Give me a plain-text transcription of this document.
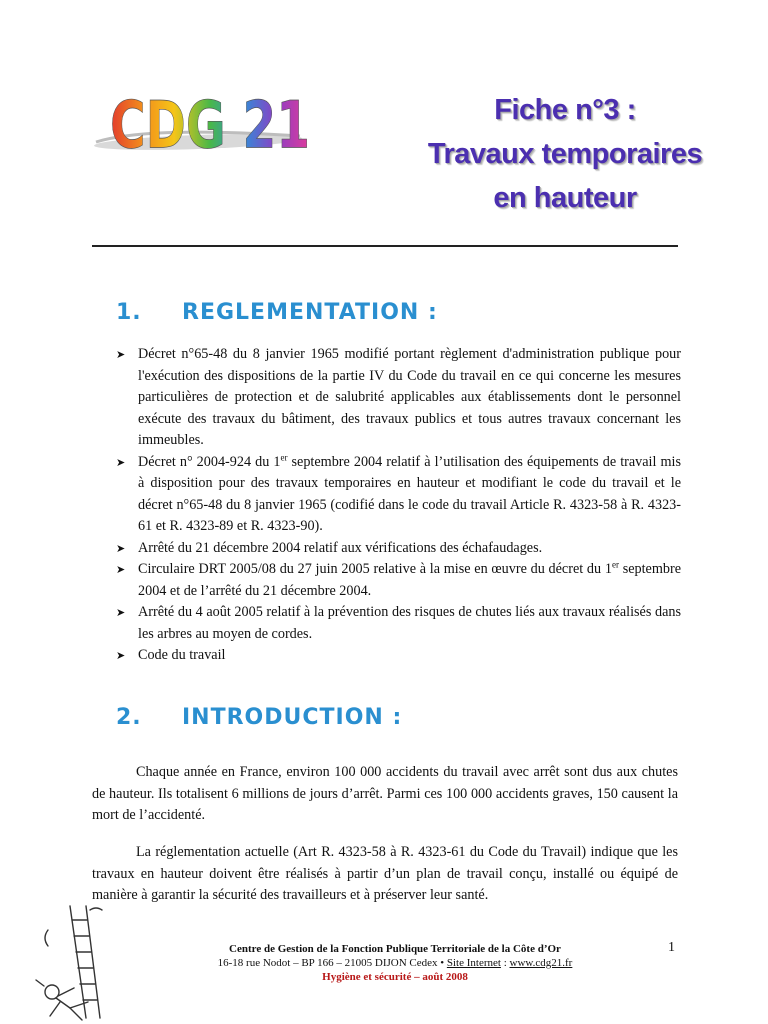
CDG 21	Fiche n°3 :
Travaux temporaires
en hauteur
1. REGLEMENTATION :
➤ Décret n°65-48 du 8 janvier 1965 modifié portant règlement d'administration publique pour l'exécution des dispositions de la partie IV du Code du travail en ce qui concerne les mesures particulières de protection et de salubrité applicables aux établissements dont le personnel exécute des travaux du bâtiment, des travaux publics et tous autres travaux concernant les immeubles.
➤ Décret n° 2004-924 du 1er septembre 2004 relatif à l’utilisation des équipements de travail mis à disposition pour des travaux temporaires en hauteur et modifiant le code du travail et le décret n°65-48 du 8 janvier 1965 (codifié dans le code du travail Article R. 4323-58 à R. 4323-61 et R. 4323-89 et R. 4323-90).
➤ Arrêté du 21 décembre 2004 relatif aux vérifications des échafaudages.
➤ Circulaire DRT 2005/08 du 27 juin 2005 relative à la mise en œuvre du décret du 1er septembre 2004 et de l’arrêté du 21 décembre 2004.
➤ Arrêté du 4 août 2005 relatif à la prévention des risques de chutes liés aux travaux réalisés dans les arbres au moyen de cordes.
➤ Code du travail
2. INTRODUCTION :

Chaque année en France, environ 100 000 accidents du travail avec arrêt sont dus aux chutes de hauteur. Ils totalisent 6 millions de jours d’arrêt. Parmi ces 100 000 accidents graves, 150 causent la mort de l’accidenté.

La réglementation actuelle (Art R. 4323-58 à R. 4323-61 du Code du Travail) indique que les travaux en hauteur doivent être réalisés à partir d’un plan de travail conçu, installé ou équipé de manière à garantir la sécurité des travailleurs et à préserver leur santé.

Centre de Gestion de la Fonction Publique Territoriale de la Côte d’Or
16-18 rue Nodot – BP 166 – 21005 DIJON Cedex • Site Internet : www.cdg21.fr
Hygiène et sécurité – août 2008
1
